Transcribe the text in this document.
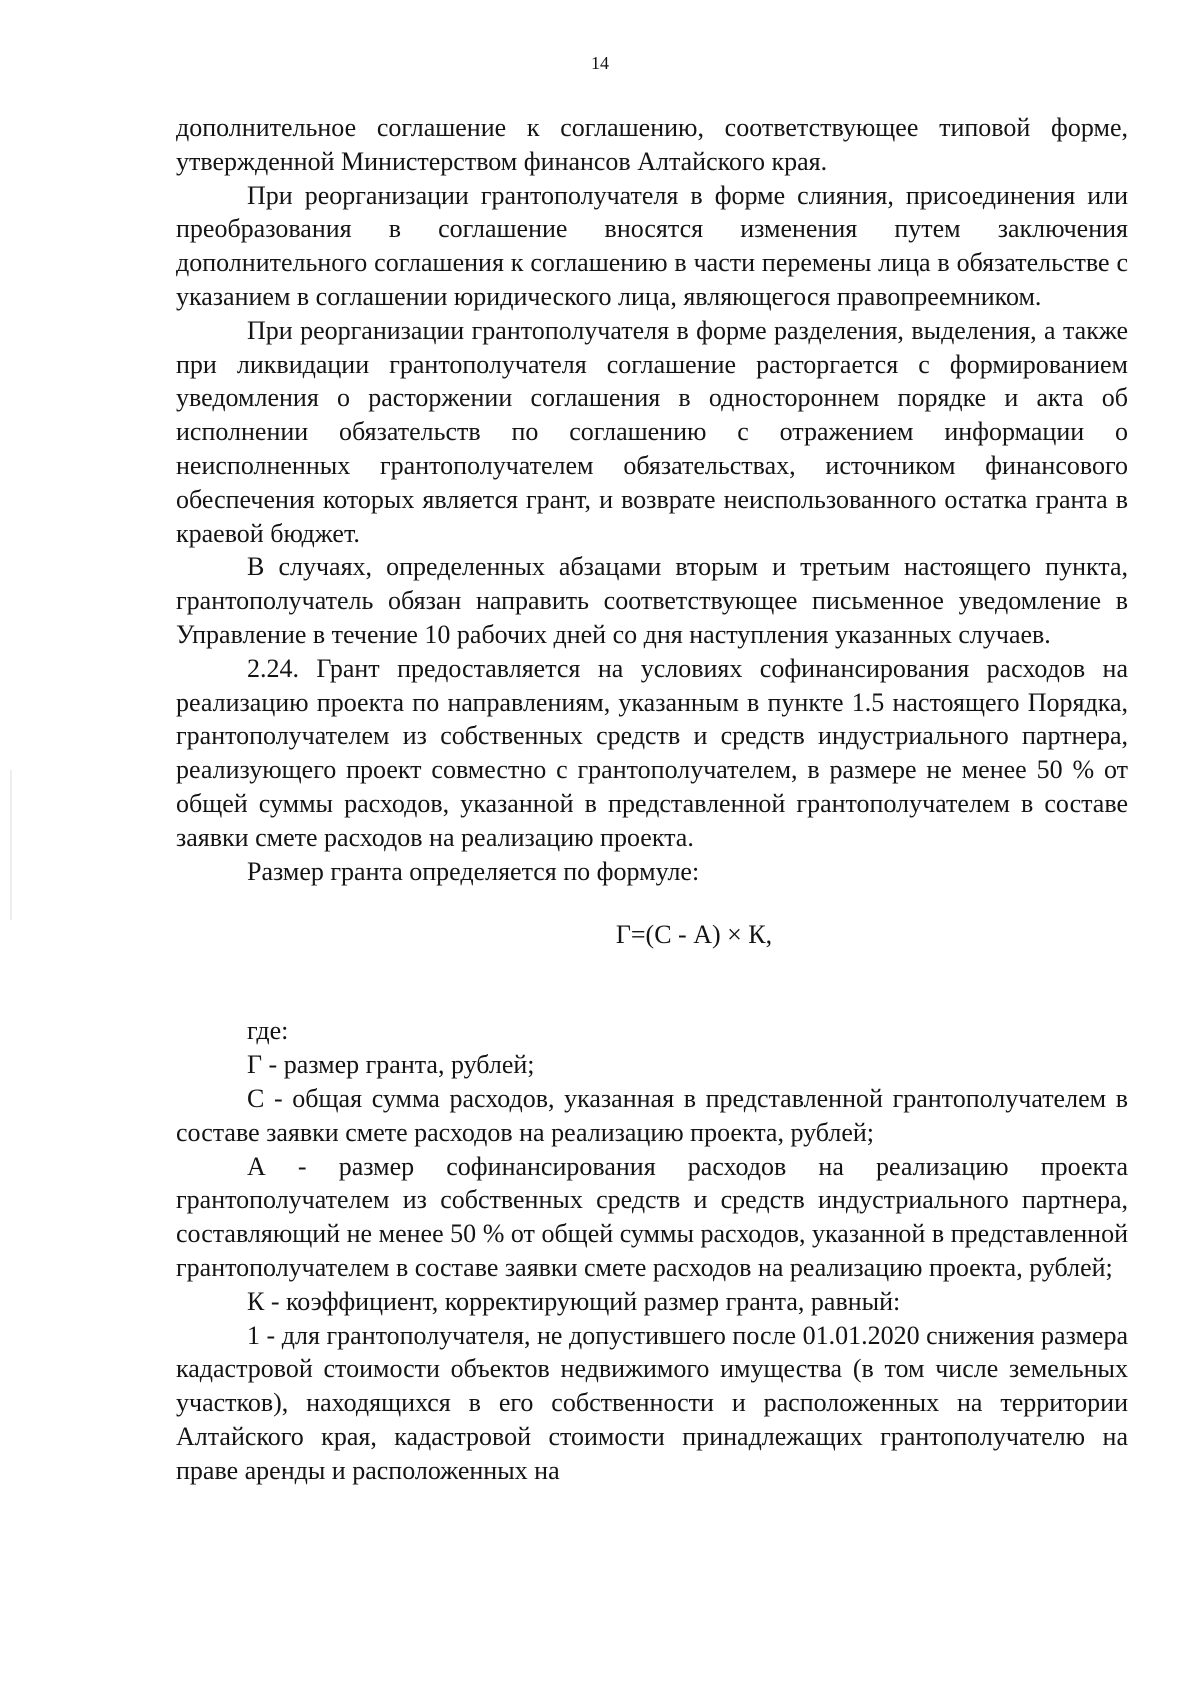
14

дополнительное соглашение к соглашению, соответствующее типовой форме, утвержденной Министерством финансов Алтайского края.

При реорганизации грантополучателя в форме слияния, присоединения или преобразования в соглашение вносятся изменения путем заключения дополнительного соглашения к соглашению в части перемены лица в обязательстве с указанием в соглашении юридического лица, являющегося правопреемником.

При реорганизации грантополучателя в форме разделения, выделения, а также при ликвидации грантополучателя соглашение расторгается с формированием уведомления о расторжении соглашения в одностороннем порядке и акта об исполнении обязательств по соглашению с отражением информации о неисполненных грантополучателем обязательствах, источником финансового обеспечения которых является грант, и возврате неиспользованного остатка гранта в краевой бюджет.

В случаях, определенных абзацами вторым и третьим настоящего пункта, грантополучатель обязан направить соответствующее письменное уведомление в Управление в течение 10 рабочих дней со дня наступления указанных случаев.

2.24. Грант предоставляется на условиях софинансирования расходов на реализацию проекта по направлениям, указанным в пункте 1.5 настоящего Порядка, грантополучателем из собственных средств и средств индустриального партнера, реализующего проект совместно с грантополучателем, в размере не менее 50 % от общей суммы расходов, указанной в представленной грантополучателем в составе заявки смете расходов на реализацию проекта.

Размер гранта определяется по формуле:

Г=(С - А) × К,

где:

Г - размер гранта, рублей;

С - общая сумма расходов, указанная в представленной грантополучателем в составе заявки смете расходов на реализацию проекта, рублей;

А - размер софинансирования расходов на реализацию проекта грантополучателем из собственных средств и средств индустриального партнера, составляющий не менее 50 % от общей суммы расходов, указанной в представленной грантополучателем в составе заявки смете расходов на реализацию проекта, рублей;

К - коэффициент, корректирующий размер гранта, равный:

1 - для грантополучателя, не допустившего после 01.01.2020 снижения размера кадастровой стоимости объектов недвижимого имущества (в том числе земельных участков), находящихся в его собственности и расположенных на территории Алтайского края, кадастровой стоимости принадлежащих грантополучателю на праве аренды и расположенных на
